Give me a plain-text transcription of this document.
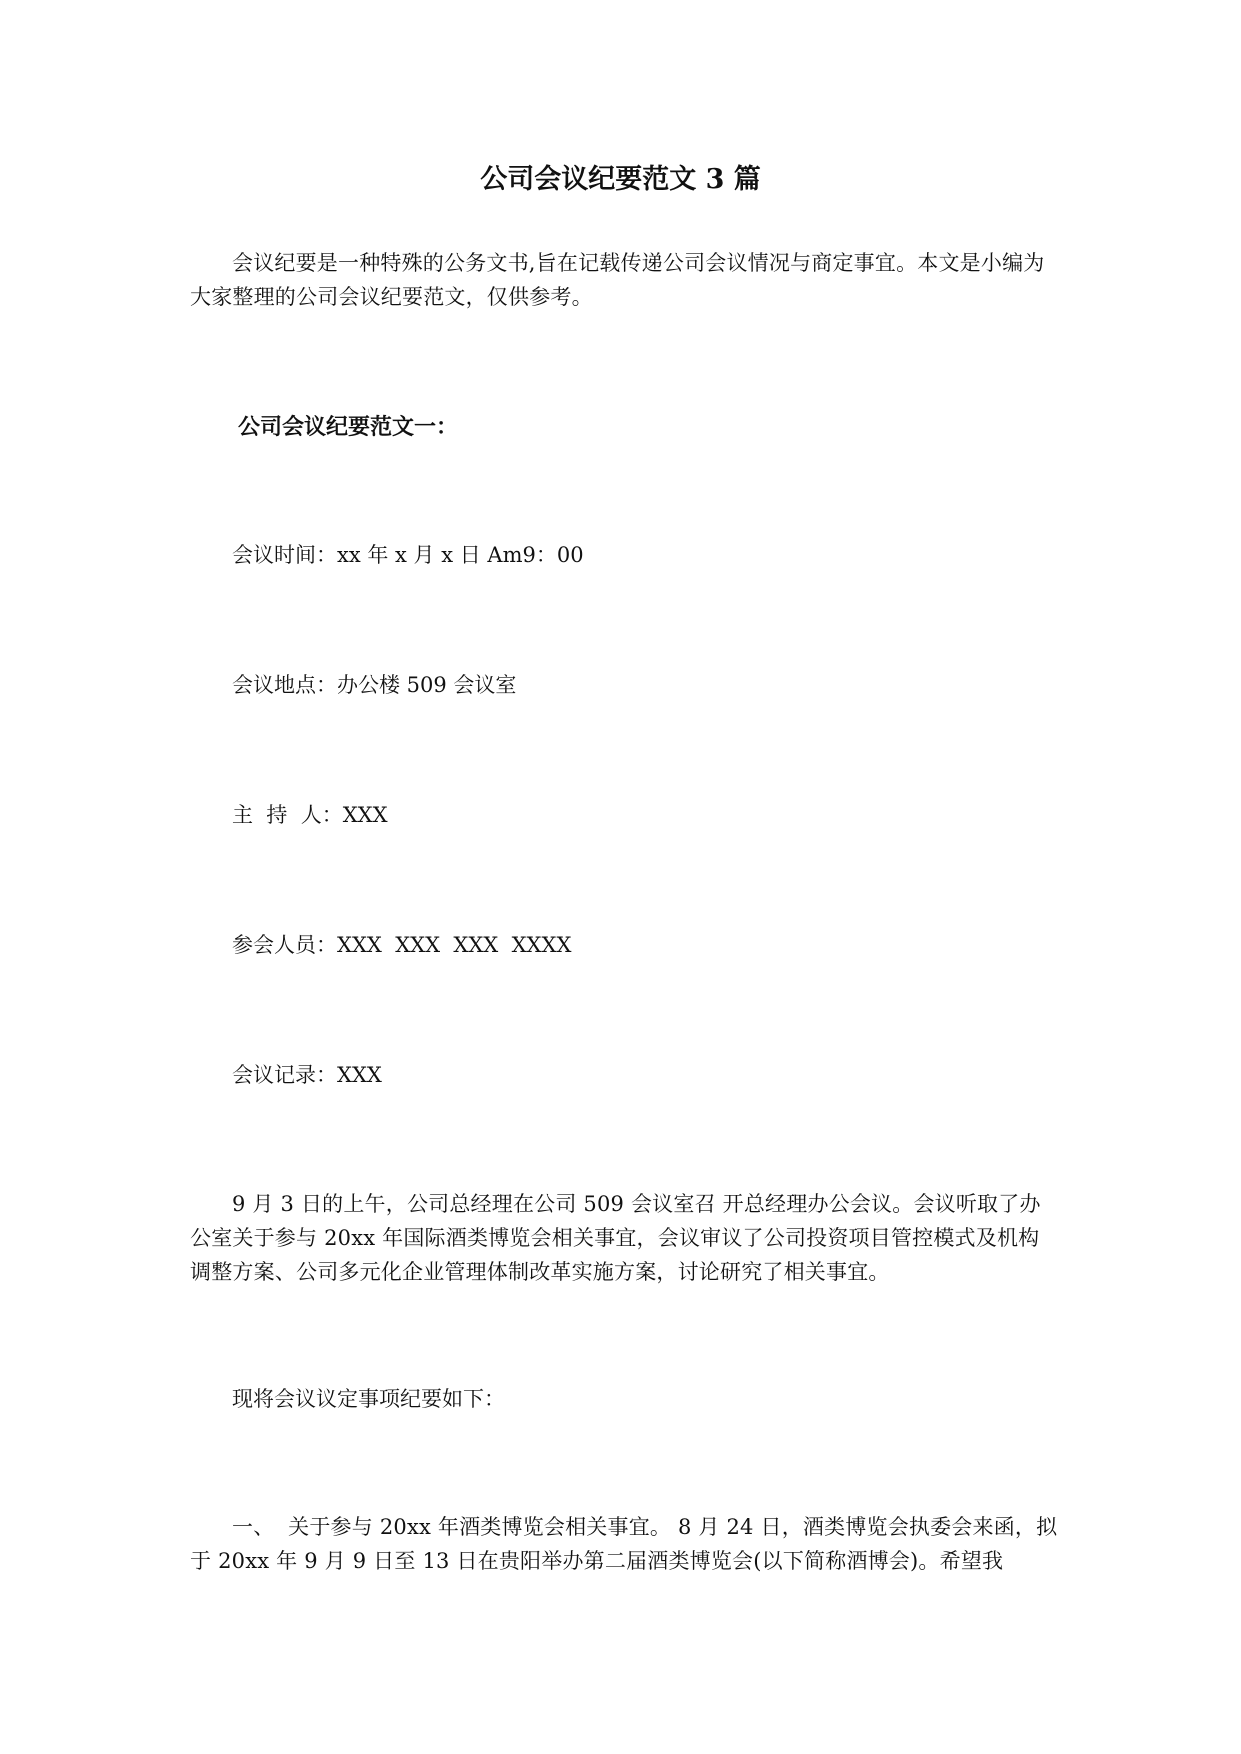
公司会议纪要范文 3 篇

会议纪要是一种特殊的公务文书,旨在记载传递公司会议情况与商定事宜。本文是小编为大家整理的公司会议纪要范文，仅供参考。

公司会议纪要范文一：

会议时间：xx 年 x 月 x 日 Am9：00

会议地点：办公楼 509 会议室

主  持  人：XXX

参会人员：XXX  XXX  XXX  XXXX

会议记录：XXX

9 月 3 日的上午，公司总经理在公司 509 会议室召 开总经理办公会议。会议听取了办公室关于参与 20xx 年国际酒类博览会相关事宜，会议审议了公司投资项目管控模式及机构调整方案、公司多元化企业管理体制改革实施方案，讨论研究了相关事宜。

现将会议议定事项纪要如下：

一、  关于参与 20xx 年酒类博览会相关事宜。 8 月 24 日，酒类博览会执委会来函，拟于 20xx 年 9 月 9 日至 13 日在贵阳举办第二届酒类博览会(以下简称酒博会)。希望我
